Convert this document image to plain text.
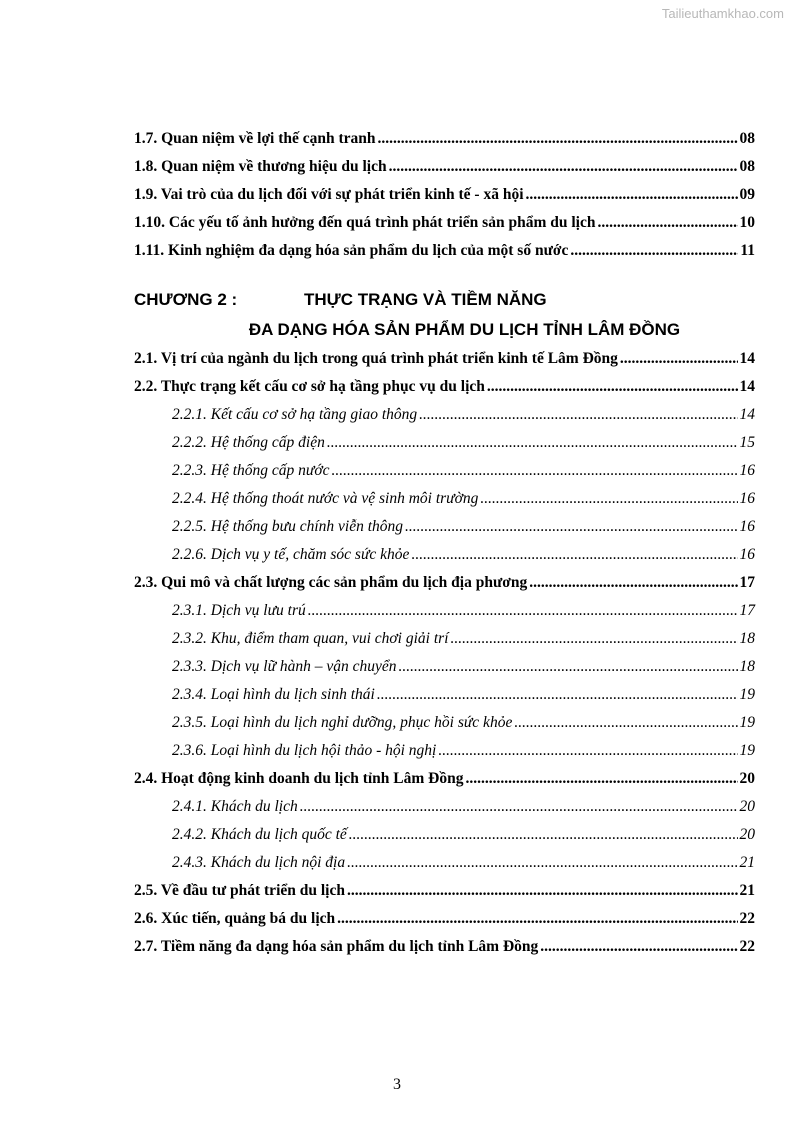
Tailieuthamkhao.com
1.7. Quan niệm về lợi thế cạnh tranh .....	08
1.8. Quan niệm về thương hiệu du lịch .....	08
1.9. Vai trò của du lịch đối với sự phát triển kinh tế - xã hội .....	09
1.10. Các yếu tố ảnh hưởng đến quá trình phát triển sản phẩm du lịch .....	10
1.11. Kinh nghiệm đa dạng hóa sản phẩm du lịch của một số nước .....	11
CHƯƠNG 2 :	THỰC TRẠNG VÀ TIỀM NĂNG
ĐA DẠNG HÓA SẢN PHẨM DU LỊCH TỈNH LÂM ĐỒNG
2.1. Vị trí của ngành du lịch trong quá trình phát triển kinh tế Lâm Đồng .....	14
2.2. Thực trạng kết cấu cơ sở hạ tầng phục vụ du lịch .....	14
2.2.1. Kết cấu cơ sở hạ tầng giao thông .....	14
2.2.2. Hệ thống cấp điện .....	15
2.2.3. Hệ thống cấp nước .....	16
2.2.4. Hệ thống thoát nước và vệ sinh môi trường .....	16
2.2.5. Hệ thống bưu chính viễn thông .....	16
2.2.6. Dịch vụ y tế, chăm sóc sức khỏe .....	16
2.3. Qui mô và chất lượng các sản phẩm du lịch địa phương .....	17
2.3.1. Dịch vụ lưu trú .....	17
2.3.2. Khu, điểm tham quan, vui chơi giải trí .....	18
2.3.3. Dịch vụ lữ hành – vận chuyển .....	18
2.3.4. Loại hình du lịch sinh thái .....	19
2.3.5. Loại hình du lịch nghỉ dưỡng, phục hồi sức khỏe .....	19
2.3.6. Loại hình du lịch hội thảo - hội nghị .....	19
2.4. Hoạt động kinh doanh du lịch tỉnh Lâm Đồng .....	20
2.4.1. Khách du lịch .....	20
2.4.2. Khách du lịch quốc tế .....	20
2.4.3. Khách du lịch nội địa .....	21
2.5. Về đầu tư phát triển du lịch .....	21
2.6. Xúc tiến, quảng bá du lịch .....	22
2.7. Tiềm năng đa dạng hóa sản phẩm du lịch tỉnh Lâm Đồng .....	22
3
